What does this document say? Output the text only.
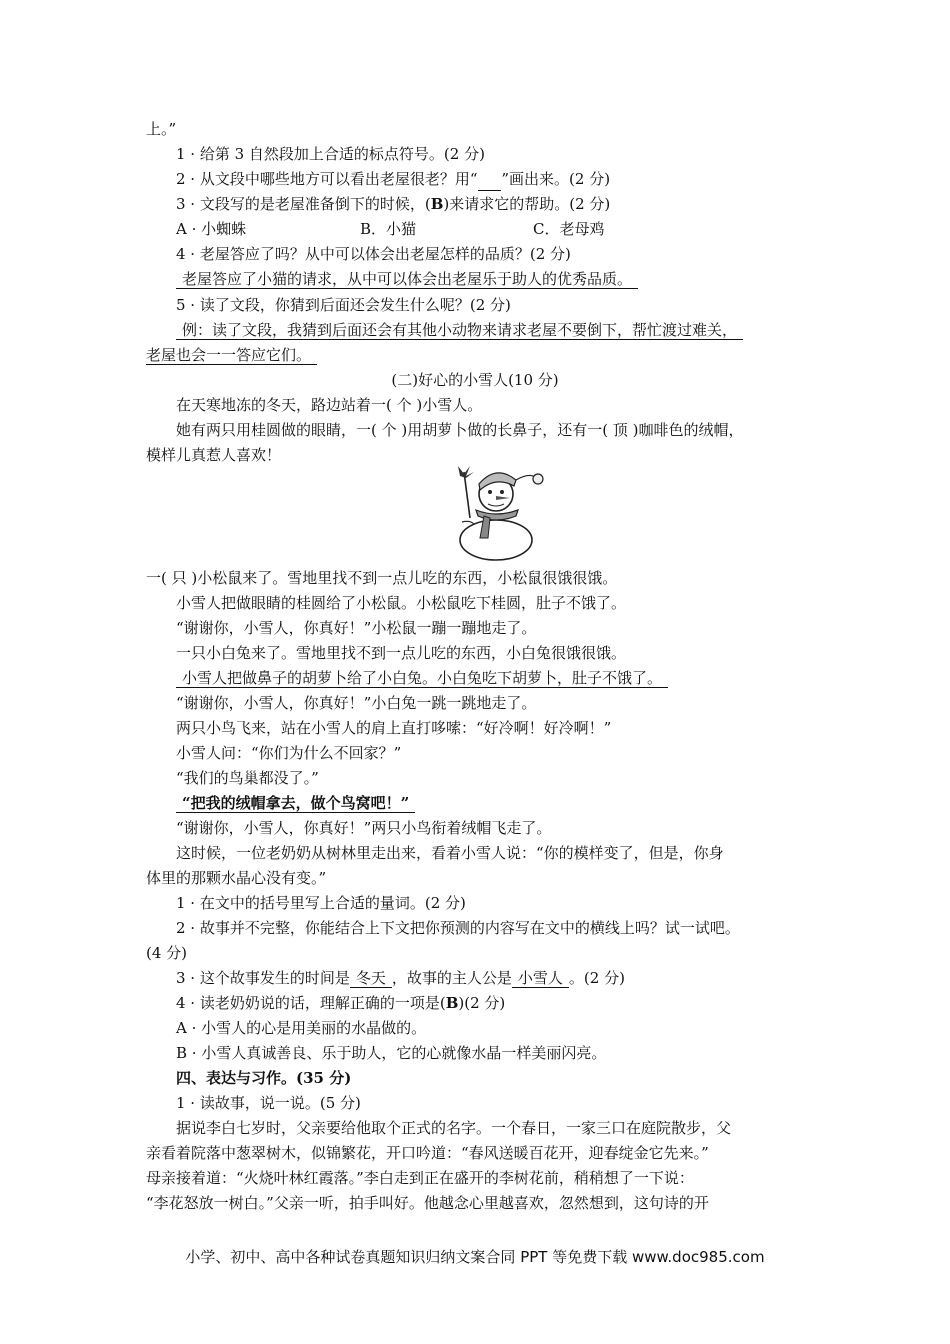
上。”
1 · 给第 3 自然段加上合适的标点符号。(2 分)
2 · 从文段中哪些地方可以看出老屋很老？用“​     ”画出来。(2 分)
3 · 文段写的是老屋准备倒下的时候，(B)来请求它的帮助。(2 分)
A · 小蜘蛛	B．小猫	C．老母鸡
4 · 老屋答应了吗？从中可以体会出老屋怎样的品质？(2 分)
老屋答应了小猫的请求，从中可以体会出老屋乐于助人的优秀品质。
5 · 读了文段，你猜到后面还会发生什么呢？(2 分)
例：读了文段，我猜到后面还会有其他小动物来请求老屋不要倒下，帮忙渡过难关，
老屋也会一一答应它们。
(二)好心的小雪人(10 分)
在天寒地冻的冬天，路边站着一( 个 )小雪人。
她有两只用桂圆做的眼睛，一( 个 )用胡萝卜做的长鼻子，还有一( 顶 )咖啡色的绒帽，
模样儿真惹人喜欢！
一( 只 )小松鼠来了。雪地里找不到一点儿吃的东西，小松鼠很饿很饿。
小雪人把做眼睛的桂圆给了小松鼠。小松鼠吃下桂圆，肚子不饿了。
“谢谢你，小雪人，你真好！”小松鼠一蹦一蹦地走了。
一只小白兔来了。雪地里找不到一点儿吃的东西，小白兔很饿很饿。
小雪人把做鼻子的胡萝卜给了小白兔。小白兔吃下胡萝卜，肚子不饿了。
“谢谢你，小雪人，你真好！”小白兔一跳一跳地走了。
两只小鸟飞来，站在小雪人的肩上直打哆嗦：“好冷啊！好冷啊！”
小雪人问：“你们为什么不回家？”
“我们的鸟巢都没了。”
“把我的绒帽拿去，做个鸟窝吧！”
“谢谢你，小雪人，你真好！”两只小鸟衔着绒帽飞走了。
这时候，一位老奶奶从树林里走出来，看着小雪人说：“你的模样变了，但是，你身
体里的那颗水晶心没有变。”
1 · 在文中的括号里写上合适的量词。(2 分)
2 · 故事并不完整，你能结合上下文把你预测的内容写在文中的横线上吗？试一试吧。
(4 分)
3 · 这个故事发生的时间是 冬天 ，故事的主人公是 小雪人 。(2 分)
4 · 读老奶奶说的话，理解正确的一项是(B)(2 分)
A · 小雪人的心是用美丽的水晶做的。
B · 小雪人真诚善良、乐于助人，它的心就像水晶一样美丽闪亮。
四、表达与习作。(35 分)
1 · 读故事，说一说。(5 分)
据说李白七岁时，父亲要给他取个正式的名字。一个春日，一家三口在庭院散步，父
亲看着院落中葱翠树木，似锦繁花，开口吟道：“春风送暖百花开，迎春绽金它先来。”
母亲接着道：“火烧叶林红霞落。”李白走到正在盛开的李树花前，稍稍想了一下说：
“李花怒放一树白。”父亲一听，拍手叫好。他越念心里越喜欢，忽然想到，这句诗的开
小学、初中、高中各种试卷真题知识归纳文案合同 PPT 等免费下载 www.doc985.com
